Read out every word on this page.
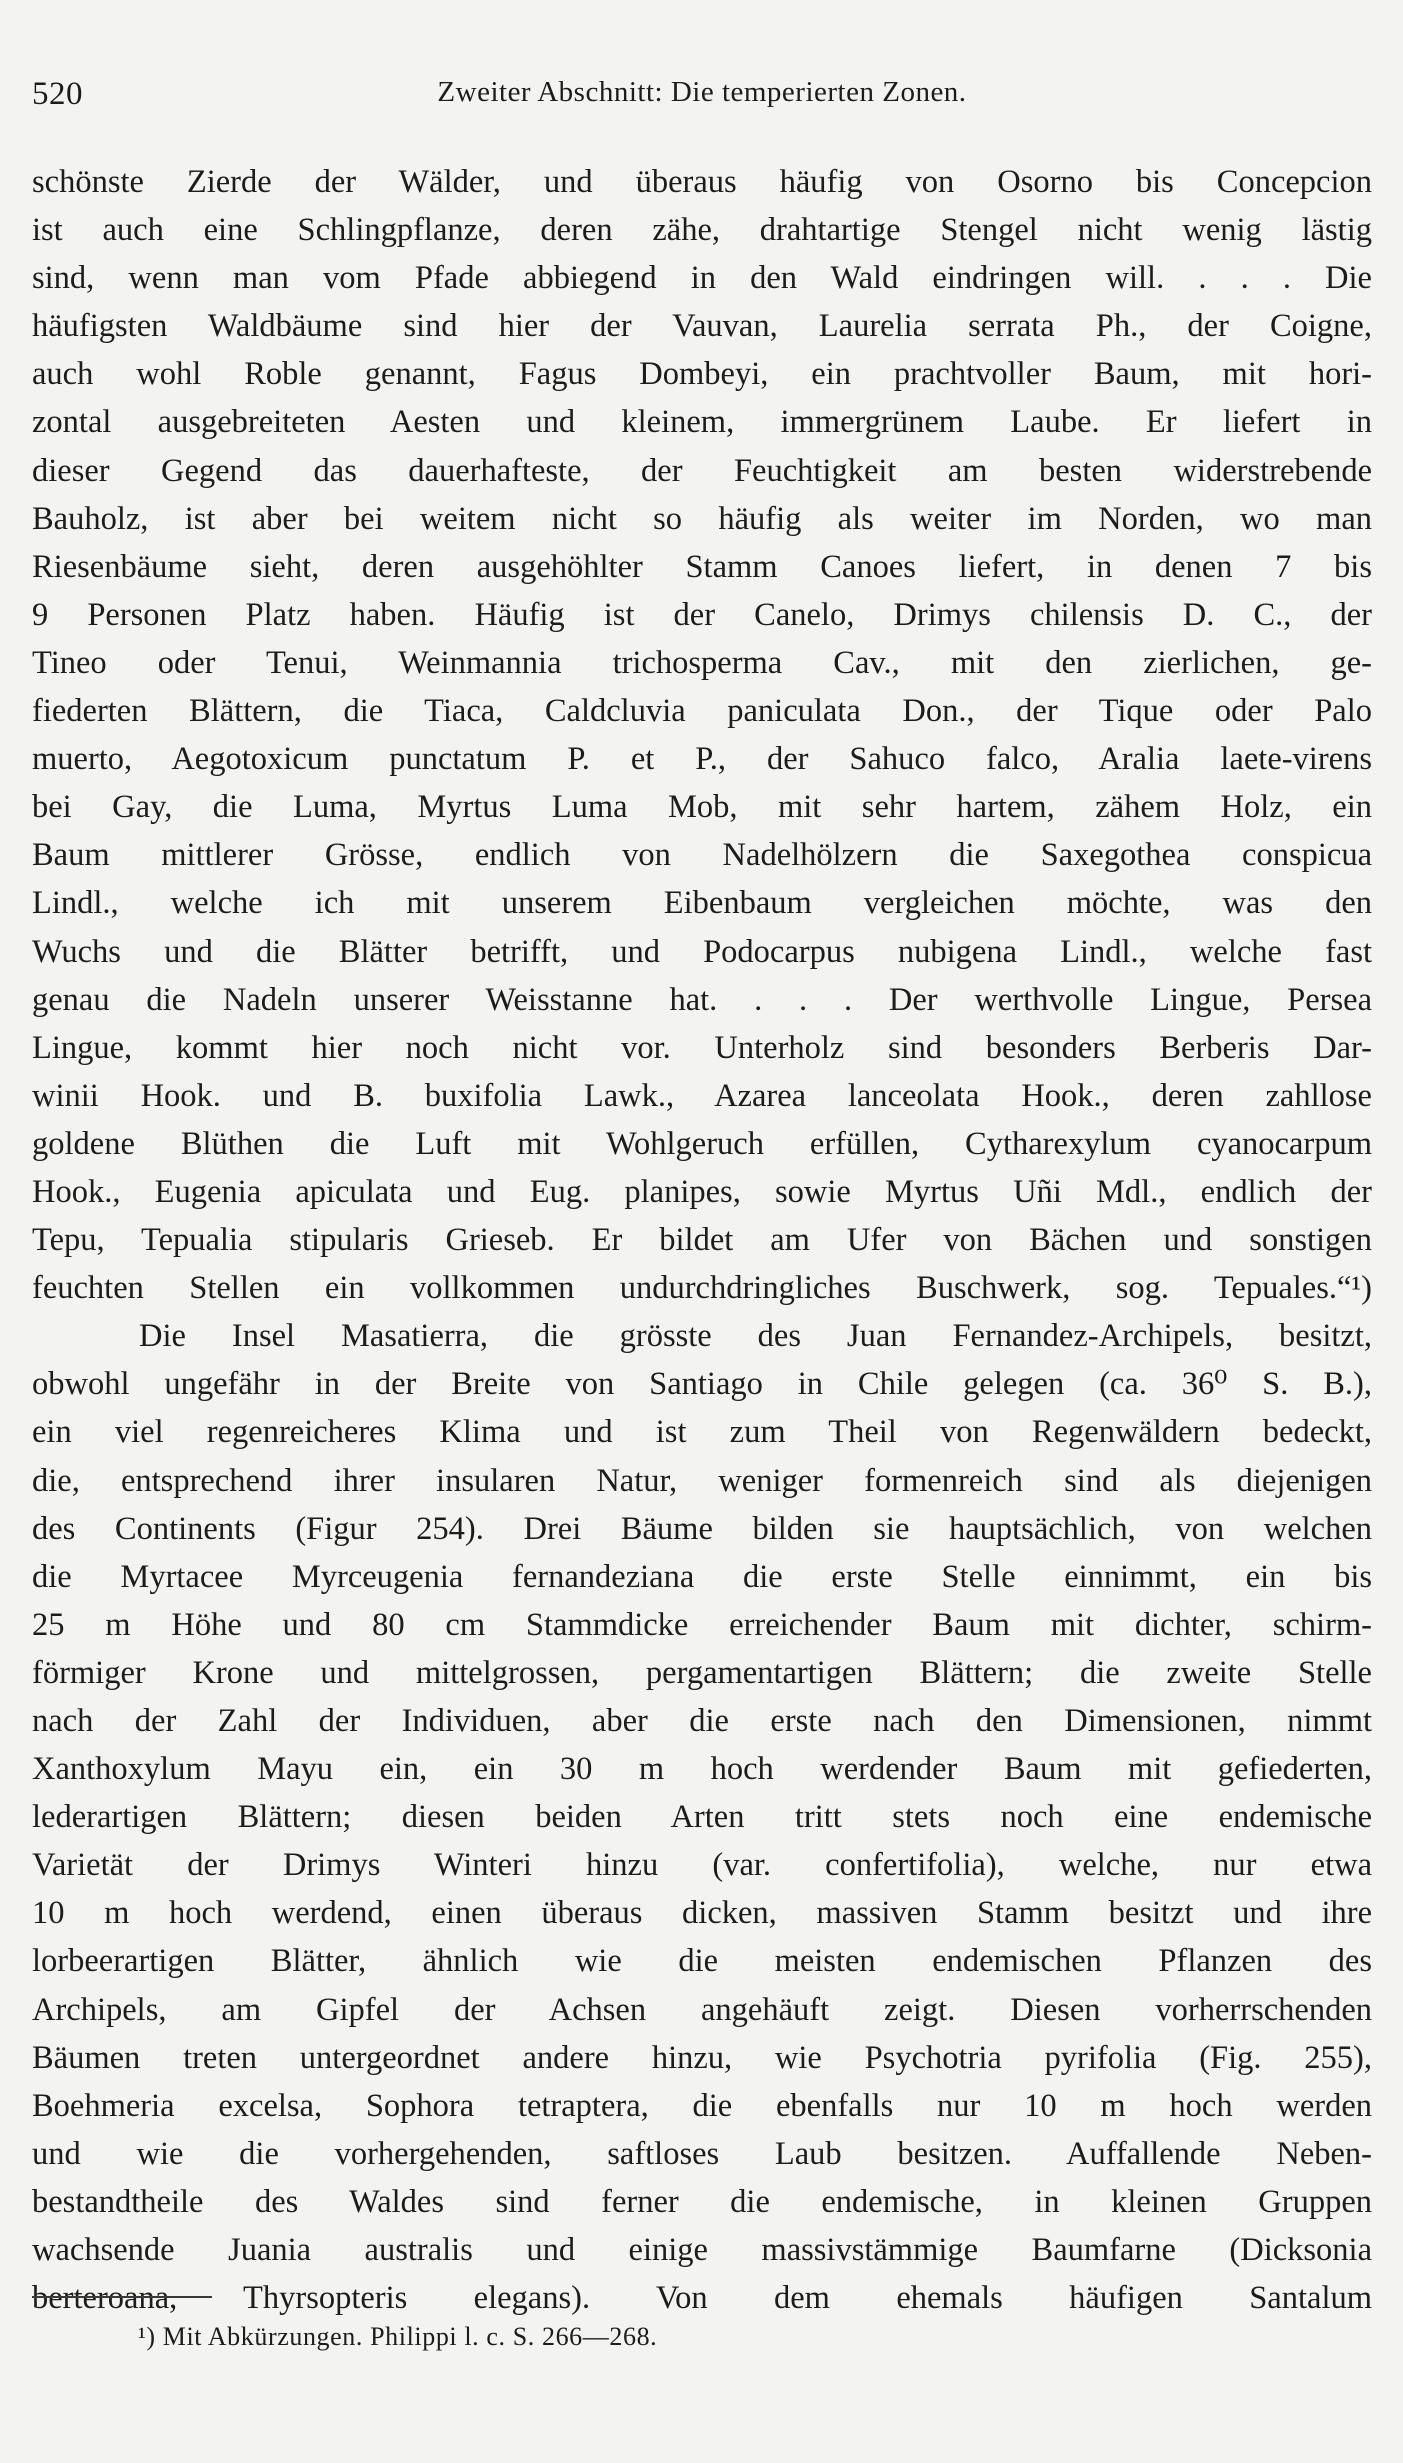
520	Zweiter Abschnitt: Die temperierten Zonen.
schönste Zierde der Wälder, und überaus häufig von Osorno bis Concepcion
ist auch eine Schlingpflanze, deren zähe, drahtartige Stengel nicht wenig lästig
sind, wenn man vom Pfade abbiegend in den Wald eindringen will. . . . Die
häufigsten Waldbäume sind hier der Vauvan, Laurelia serrata Ph., der Coigne,
auch wohl Roble genannt, Fagus Dombeyi, ein prachtvoller Baum, mit hori-
zontal ausgebreiteten Aesten und kleinem, immergrünem Laube. Er liefert in
dieser Gegend das dauerhafteste, der Feuchtigkeit am besten widerstrebende
Bauholz, ist aber bei weitem nicht so häufig als weiter im Norden, wo man
Riesenbäume sieht, deren ausgehöhlter Stamm Canoes liefert, in denen 7 bis
9 Personen Platz haben. Häufig ist der Canelo, Drimys chilensis D. C., der
Tineo oder Tenui, Weinmannia trichosperma Cav., mit den zierlichen, ge-
fiederten Blättern, die Tiaca, Caldcluvia paniculata Don., der Tique oder Palo
muerto, Aegotoxicum punctatum P. et P., der Sahuco falco, Aralia laete-virens
bei Gay, die Luma, Myrtus Luma Mob, mit sehr hartem, zähem Holz, ein
Baum mittlerer Grösse, endlich von Nadelhölzern die Saxegothea conspicua
Lindl., welche ich mit unserem Eibenbaum vergleichen möchte, was den
Wuchs und die Blätter betrifft, und Podocarpus nubigena Lindl., welche fast
genau die Nadeln unserer Weisstanne hat. . . . Der werthvolle Lingue, Persea
Lingue, kommt hier noch nicht vor. Unterholz sind besonders Berberis Dar-
winii Hook. und B. buxifolia Lawk., Azarea lanceolata Hook., deren zahllose
goldene Blüthen die Luft mit Wohlgeruch erfüllen, Cytharexylum cyanocarpum
Hook., Eugenia apiculata und Eug. planipes, sowie Myrtus Uñi Mdl., endlich der
Tepu, Tepualia stipularis Grieseb. Er bildet am Ufer von Bächen und sonstigen
feuchten Stellen ein vollkommen undurchdringliches Buschwerk, sog. Tepuales.“¹)
Die Insel Masatierra, die grösste des Juan Fernandez-Archipels, besitzt,
obwohl ungefähr in der Breite von Santiago in Chile gelegen (ca. 36⁰ S. B.),
ein viel regenreicheres Klima und ist zum Theil von Regenwäldern bedeckt,
die, entsprechend ihrer insularen Natur, weniger formenreich sind als diejenigen
des Continents (Figur 254). Drei Bäume bilden sie hauptsächlich, von welchen
die Myrtacee Myrceugenia fernandeziana die erste Stelle einnimmt, ein bis
25 m Höhe und 80 cm Stammdicke erreichender Baum mit dichter, schirm-
förmiger Krone und mittelgrossen, pergamentartigen Blättern; die zweite Stelle
nach der Zahl der Individuen, aber die erste nach den Dimensionen, nimmt
Xanthoxylum Mayu ein, ein 30 m hoch werdender Baum mit gefiederten,
lederartigen Blättern; diesen beiden Arten tritt stets noch eine endemische
Varietät der Drimys Winteri hinzu (var. confertifolia), welche, nur etwa
10 m hoch werdend, einen überaus dicken, massiven Stamm besitzt und ihre
lorbeerartigen Blätter, ähnlich wie die meisten endemischen Pflanzen des
Archipels, am Gipfel der Achsen angehäuft zeigt. Diesen vorherrschenden
Bäumen treten untergeordnet andere hinzu, wie Psychotria pyrifolia (Fig. 255),
Boehmeria excelsa, Sophora tetraptera, die ebenfalls nur 10 m hoch werden
und wie die vorhergehenden, saftloses Laub besitzen. Auffallende Neben-
bestandtheile des Waldes sind ferner die endemische, in kleinen Gruppen
wachsende Juania australis und einige massivstämmige Baumfarne (Dicksonia
berteroana, Thyrsopteris elegans). Von dem ehemals häufigen Santalum
¹) Mit Abkürzungen. Philippi l. c. S. 266—268.
